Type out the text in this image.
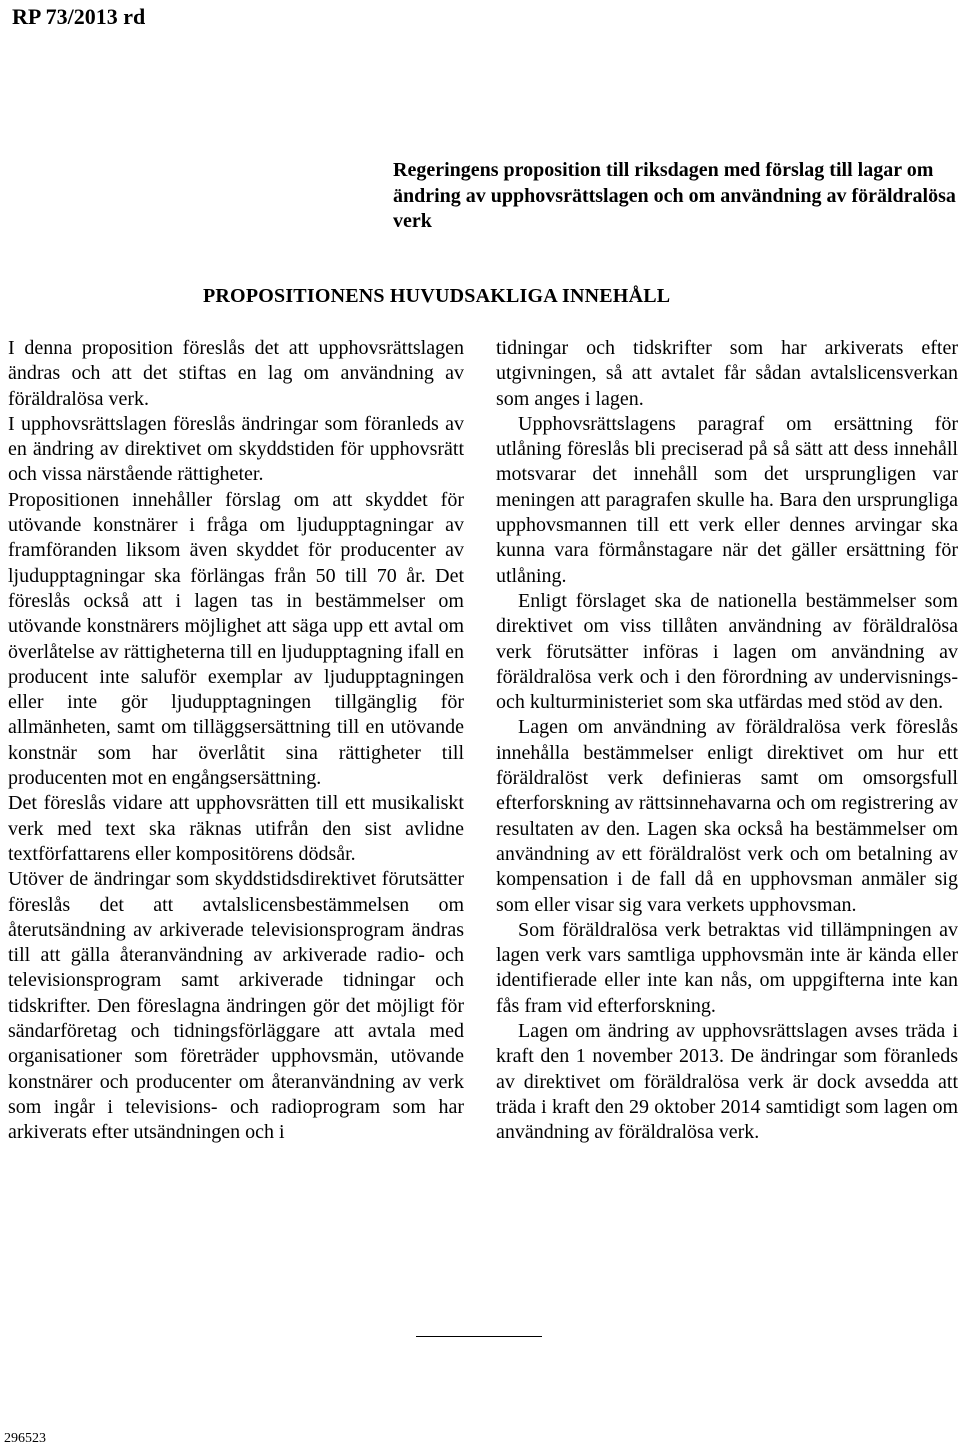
RP 73/2013 rd
Regeringens proposition till riksdagen med förslag till lagar om ändring av upphovsrättslagen och om användning av föräldralösa verk
PROPOSITIONENS HUVUDSAKLIGA INNEHÅLL

I denna proposition föreslås det att upphovsrättslagen ändras och att det stiftas en lag om användning av föräldralösa verk.

I upphovsrättslagen föreslås ändringar som föranleds av en ändring av direktivet om skyddstiden för upphovsrätt och vissa närstående rättigheter.

Propositionen innehåller förslag om att skyddet för utövande konstnärer i fråga om ljudupptagningar av framföranden liksom även skyddet för producenter av ljudupptagningar ska förlängas från 50 till 70 år. Det föreslås också att i lagen tas in bestämmelser om utövande konstnärers möjlighet att säga upp ett avtal om överlåtelse av rättigheterna till en ljudupptagning ifall en producent inte saluför exemplar av ljudupptagningen eller inte gör ljudupptagningen tillgänglig för allmänheten, samt om tilläggsersättning till en utövande konstnär som har överlåtit sina rättigheter till producenten mot en engångsersättning.

Det föreslås vidare att upphovsrätten till ett musikaliskt verk med text ska räknas utifrån den sist avlidne textförfattarens eller kompositörens dödsår.

Utöver de ändringar som skyddstidsdirektivet förutsätter föreslås det att avtalslicensbestämmelsen om återutsändning av arkiverade televisionsprogram ändras till att gälla återanvändning av arkiverade radio- och televisionsprogram samt arkiverade tidningar och tidskrifter. Den föreslagna ändringen gör det möjligt för sändarföretag och tidningsförläggare att avtala med organisationer som företräder upphovsmän, utövande konstnärer och producenter om återanvändning av verk som ingår i televisions- och radioprogram som har arkiverats efter utsändningen och i

tidningar och tidskrifter som har arkiverats efter utgivningen, så att avtalet får sådan avtalslicensverkan som anges i lagen.

Upphovsrättslagens paragraf om ersättning för utlåning föreslås bli preciserad på så sätt att dess innehåll motsvarar det innehåll som det ursprungligen var meningen att paragrafen skulle ha. Bara den ursprungliga upphovsmannen till ett verk eller dennes arvingar ska kunna vara förmånstagare när det gäller ersättning för utlåning.

Enligt förslaget ska de nationella bestämmelser som direktivet om viss tillåten användning av föräldralösa verk förutsätter införas i lagen om användning av föräldralösa verk och i den förordning av undervisnings- och kulturministeriet som ska utfärdas med stöd av den.

Lagen om användning av föräldralösa verk föreslås innehålla bestämmelser enligt direktivet om hur ett föräldralöst verk definieras samt om omsorgsfull efterforskning av rättsinnehavarna och om registrering av resultaten av den. Lagen ska också ha bestämmelser om användning av ett föräldralöst verk och om betalning av kompensation i de fall då en upphovsman anmäler sig som eller visar sig vara verkets upphovsman.

Som föräldralösa verk betraktas vid tillämpningen av lagen verk vars samtliga upphovsmän inte är kända eller identifierade eller inte kan nås, om uppgifterna inte kan fås fram vid efterforskning.

Lagen om ändring av upphovsrättslagen avses träda i kraft den 1 november 2013. De ändringar som föranleds av direktivet om föräldralösa verk är dock avsedda att träda i kraft den 29 oktober 2014 samtidigt som lagen om användning av föräldralösa verk.

296523
